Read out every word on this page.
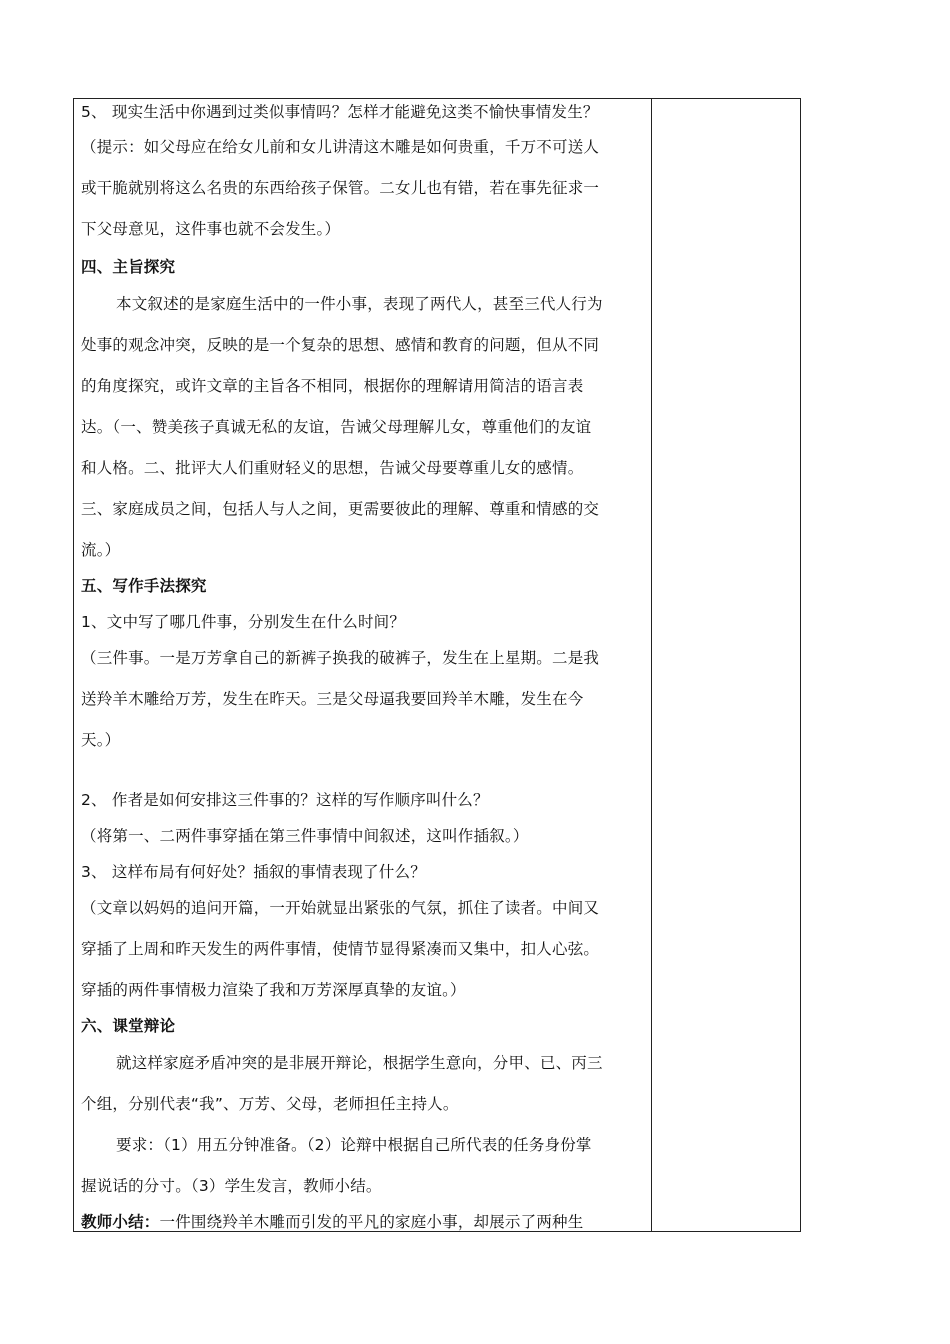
5、 现实生活中你遇到过类似事情吗？怎样才能避免这类不愉快事情发生？
（提示：如父母应在给女儿前和女儿讲清这木雕是如何贵重，千万不可送人
或干脆就别将这么名贵的东西给孩子保管。二女儿也有错，若在事先征求一
下父母意见，这件事也就不会发生。）
四、主旨探究
本文叙述的是家庭生活中的一件小事，表现了两代人，甚至三代人行为
处事的观念冲突，反映的是一个复杂的思想、感情和教育的问题，但从不同
的角度探究，或许文章的主旨各不相同，根据你的理解请用简洁的语言表
达。（一、赞美孩子真诚无私的友谊，告诫父母理解儿女，尊重他们的友谊
和人格。二、批评大人们重财轻义的思想，告诫父母要尊重儿女的感情。
三、家庭成员之间，包括人与人之间，更需要彼此的理解、尊重和情感的交
流。）
五、写作手法探究
1、文中写了哪几件事，分别发生在什么时间？
（三件事。一是万芳拿自己的新裤子换我的破裤子，发生在上星期。二是我
送羚羊木雕给万芳，发生在昨天。三是父母逼我要回羚羊木雕，发生在今
天。）
2、 作者是如何安排这三件事的？这样的写作顺序叫什么？
（将第一、二两件事穿插在第三件事情中间叙述，这叫作插叙。）
3、 这样布局有何好处？插叙的事情表现了什么？
（文章以妈妈的追问开篇，一开始就显出紧张的气氛，抓住了读者。中间又
穿插了上周和昨天发生的两件事情，使情节显得紧凑而又集中，扣人心弦。
穿插的两件事情极力渲染了我和万芳深厚真挚的友谊。）
六、课堂辩论
就这样家庭矛盾冲突的是非展开辩论，根据学生意向，分甲、已、丙三
个组，分别代表“我”、万芳、父母，老师担任主持人。
要求：（1）用五分钟准备。（2）论辩中根据自己所代表的任务身份掌
握说话的分寸。（3）学生发言，教师小结。
教师小结：一件围绕羚羊木雕而引发的平凡的家庭小事，却展示了两种生
